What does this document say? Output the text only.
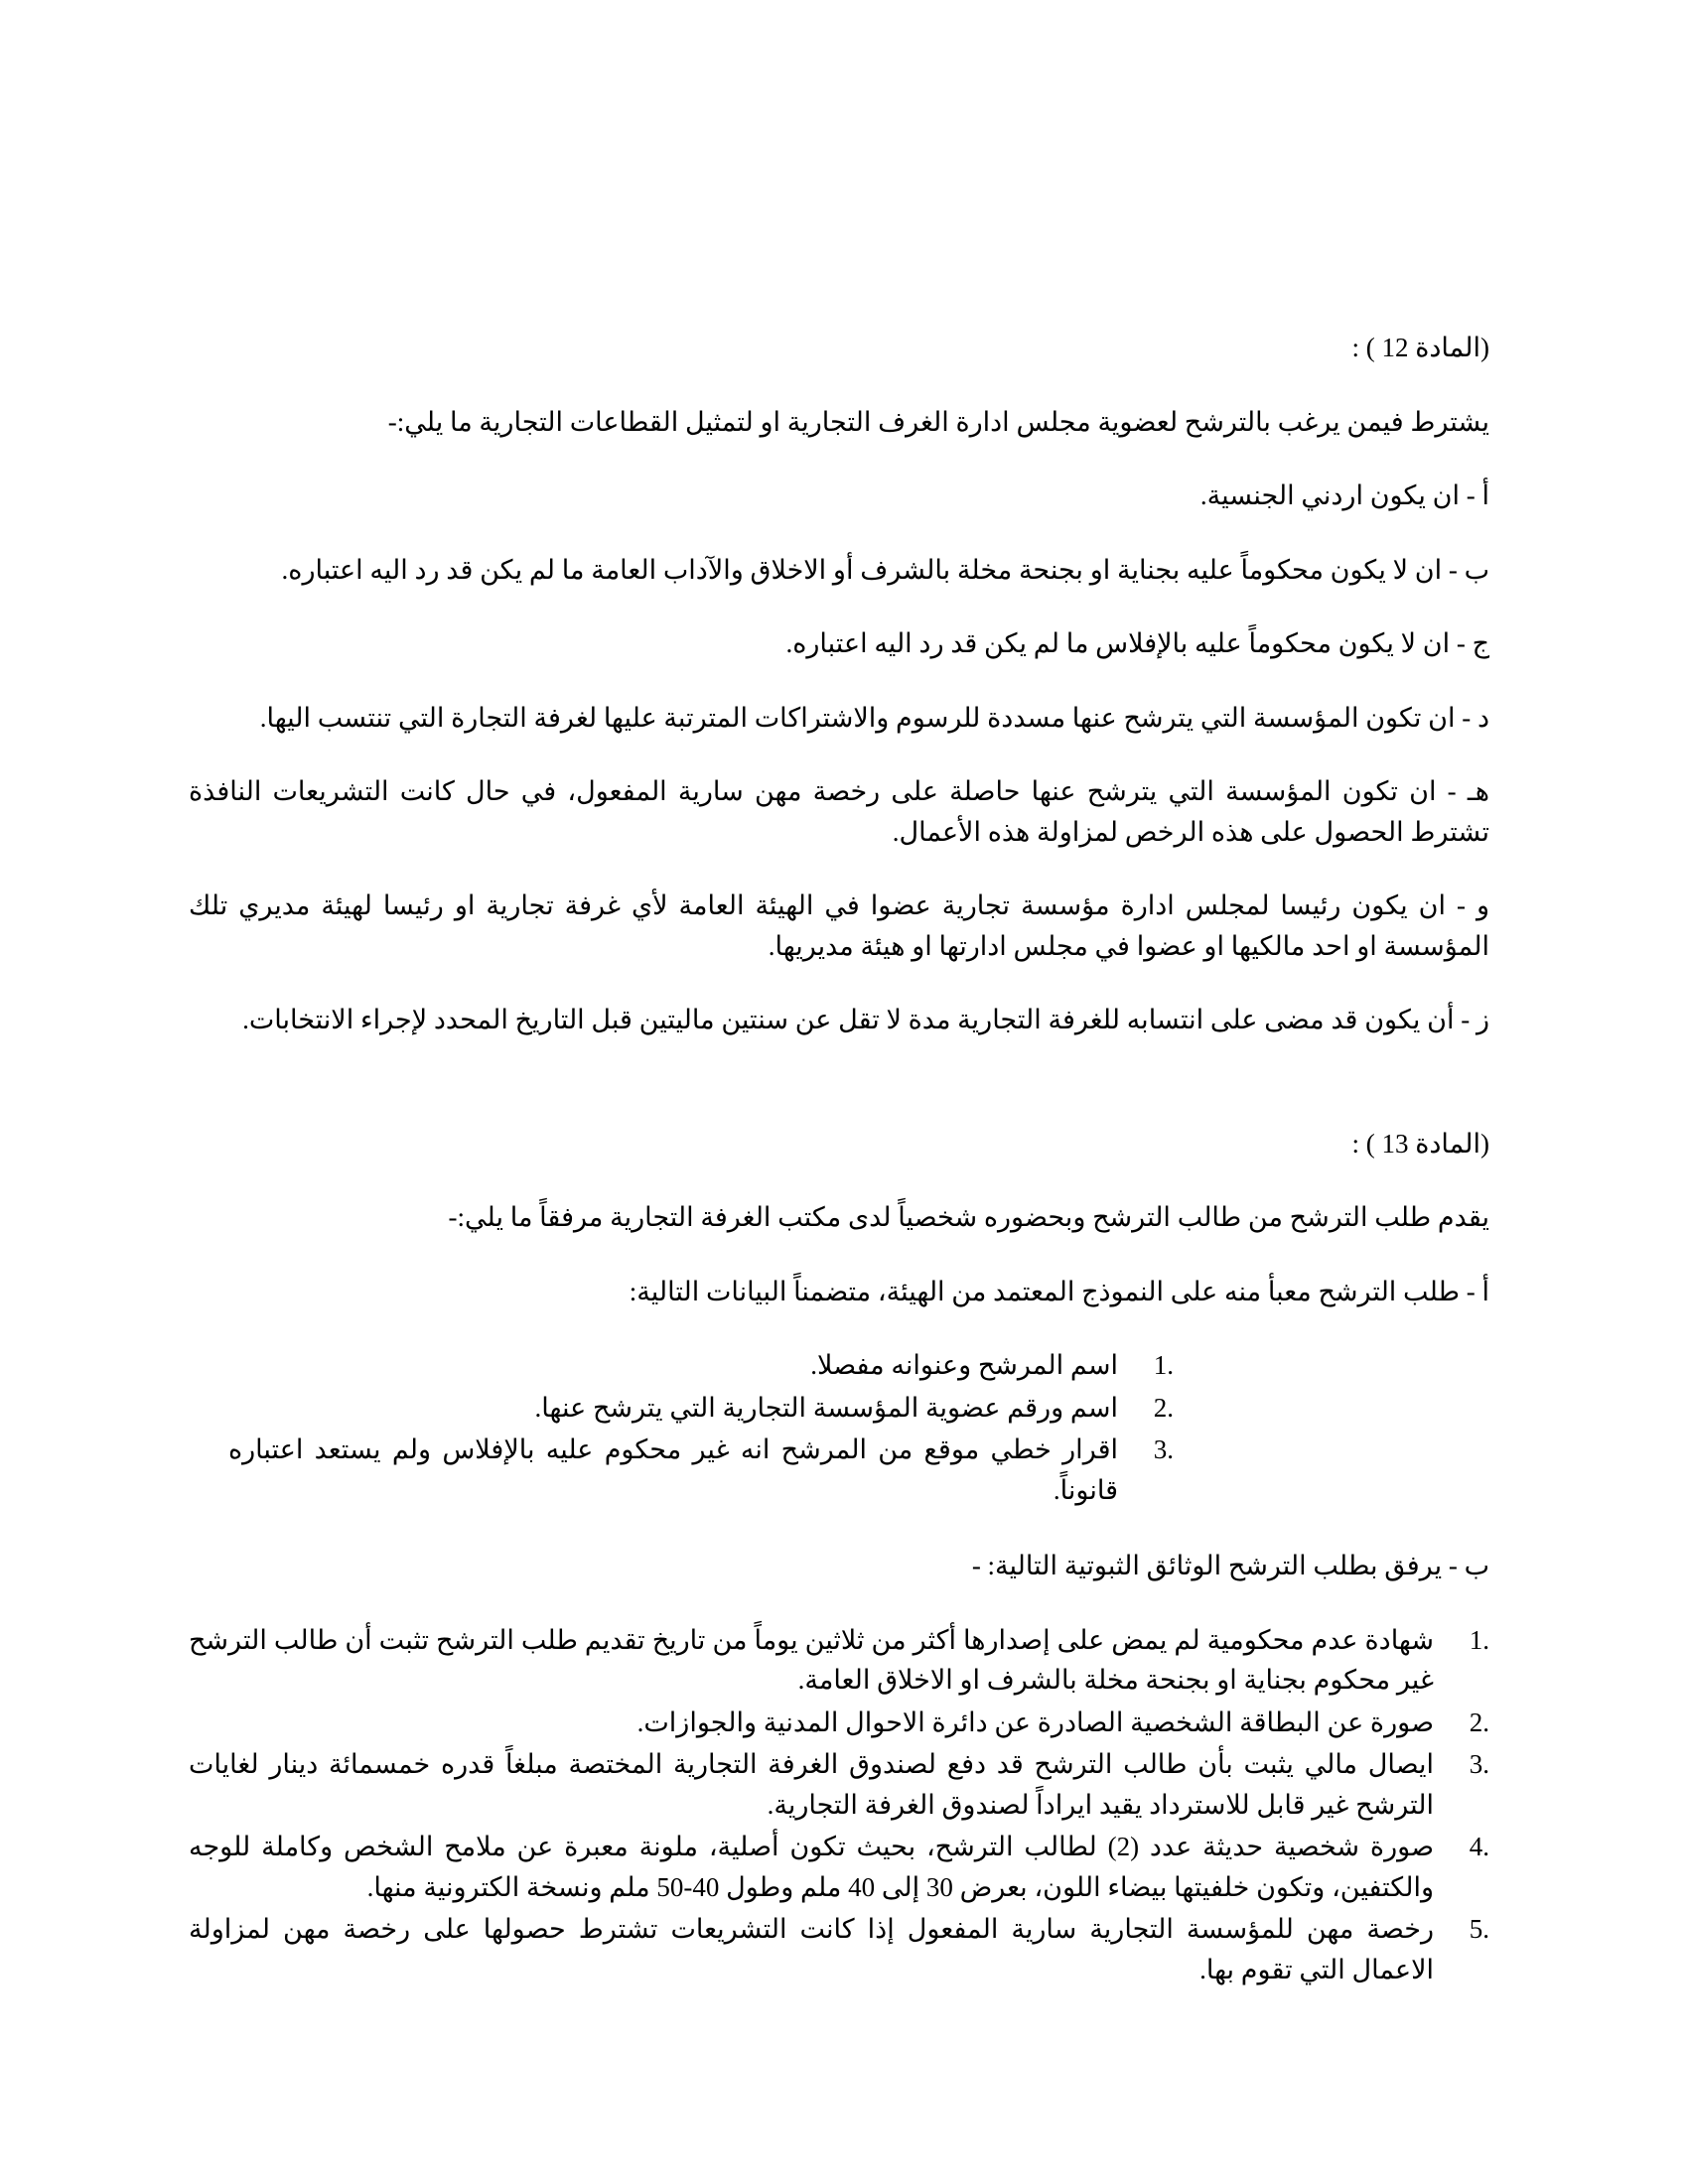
(المادة 12 ) :

يشترط فيمن يرغب بالترشح لعضوية مجلس ادارة الغرف التجارية او لتمثيل القطاعات التجارية ما يلي:-

أ - ان يكون اردني الجنسية.

ب - ان لا يكون محكوماً عليه بجناية او بجنحة مخلة بالشرف أو الاخلاق والآداب العامة ما لم يكن قد رد اليه اعتباره.

ج - ان لا يكون محكوماً عليه بالإفلاس ما لم يكن قد رد اليه اعتباره.

د - ان تكون المؤسسة التي يترشح عنها مسددة للرسوم والاشتراكات المترتبة عليها لغرفة التجارة التي تنتسب اليها.

هـ - ان تكون المؤسسة التي يترشح عنها حاصلة على رخصة مهن سارية المفعول، في حال كانت التشريعات النافذة تشترط الحصول على هذه الرخص لمزاولة هذه الأعمال.

و - ان يكون رئيسا لمجلس ادارة مؤسسة تجارية عضوا في الهيئة العامة لأي غرفة تجارية او رئيسا لهيئة مديري تلك المؤسسة او احد مالكيها او عضوا في مجلس ادارتها او هيئة مديريها.

ز - أن يكون قد مضى على انتسابه للغرفة التجارية مدة لا تقل عن سنتين ماليتين قبل التاريخ المحدد لإجراء الانتخابات.

(المادة 13 ) :

يقدم طلب الترشح من طالب الترشح وبحضوره شخصياً لدى مكتب الغرفة التجارية مرفقاً ما يلي:-

أ - طلب الترشح معبأ منه على النموذج المعتمد من الهيئة، متضمناً البيانات التالية:

1.
اسم المرشح وعنوانه مفصلا.
2.
اسم ورقم عضوية المؤسسة التجارية التي يترشح عنها.
3.
اقرار خطي موقع من المرشح انه غير محكوم عليه بالإفلاس ولم يستعد اعتباره قانوناً.

ب - يرفق بطلب الترشح الوثائق الثبوتية التالية: -

1.
شهادة عدم محكومية لم يمض على إصدارها أكثر من ثلاثين يوماً من تاريخ تقديم طلب الترشح تثبت أن طالب الترشح غير محكوم بجناية او بجنحة مخلة بالشرف او الاخلاق العامة.
2.
صورة عن البطاقة الشخصية الصادرة عن دائرة الاحوال المدنية والجوازات.
3.
ايصال مالي يثبت بأن طالب الترشح قد دفع لصندوق الغرفة التجارية المختصة مبلغاً قدره خمسمائة دينار لغايات الترشح غير قابل للاسترداد يقيد ايراداً لصندوق الغرفة التجارية.
4.
صورة شخصية حديثة عدد (2) لطالب الترشح، بحيث تكون أصلية، ملونة معبرة عن ملامح الشخص وكاملة للوجه والكتفين، وتكون خلفيتها بيضاء اللون، بعرض 30 إلى 40 ملم وطول 40-50 ملم ونسخة الكترونية منها.
5.
رخصة مهن للمؤسسة التجارية سارية المفعول إذا كانت التشريعات تشترط حصولها على رخصة مهن لمزاولة الاعمال التي تقوم بها.
